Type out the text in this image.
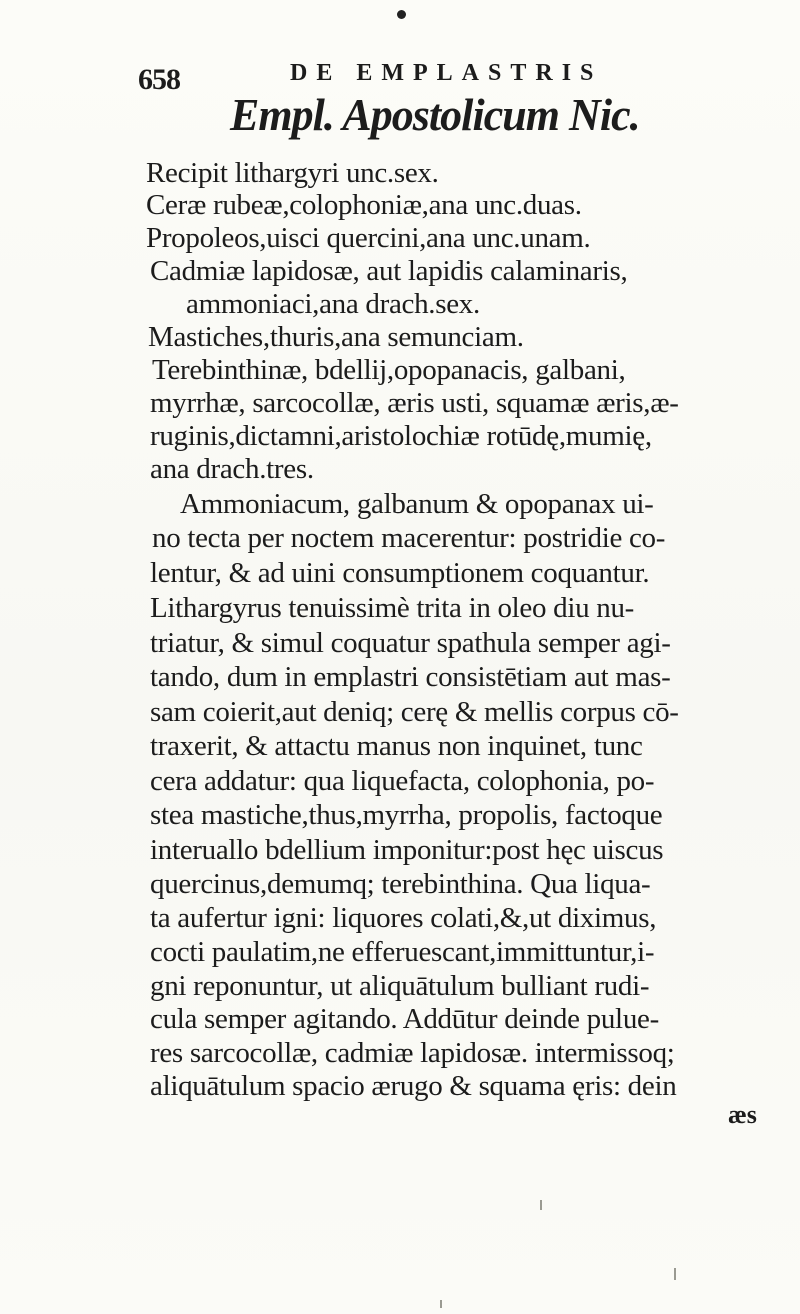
658	DE EMPLASTRIS
Empl. Apostolicum Nic.
Recipit lithargyri unc.sex.
Ceræ rubeæ,colophoniæ,ana unc.duas.
Propoleos,uisci quercini,ana unc.unam.
Cadmiæ lapidosæ, aut lapidis calaminaris,
ammoniaci,ana drach.sex.
Mastiches,thuris,ana semunciam.
Terebinthinæ, bdellij,opopanacis, galbani,
myrrhæ, sarcocollæ, æris usti, squamæ æris,æ-
ruginis,dictamni,aristolochiæ rotūdę,mumię,
ana drach.tres.
Ammoniacum, galbanum & opopanax ui-
no tecta per noctem macerentur: postridie co-
lentur, & ad uini consumptionem coquantur.
Lithargyrus tenuissimè trita in oleo diu nu-
triatur, & simul coquatur spathula semper agi-
tando, dum in emplastri consistētiam aut mas-
sam coierit,aut deniq; cerę & mellis corpus cō-
traxerit, & attactu manus non inquinet, tunc
cera addatur: qua liquefacta, colophonia, po-
stea mastiche,thus,myrrha, propolis, factoque
interuallo bdellium imponitur:post hęc uiscus
quercinus,demumq; terebinthina. Qua liqua-
ta aufertur igni: liquores colati,&,ut diximus,
cocti paulatim,ne efferuescant,immittuntur,i-
gni reponuntur, ut aliquātulum bulliant rudi-
cula semper agitando. Addūtur deinde pulue-
res sarcocollæ, cadmiæ lapidosæ. intermissoq;
aliquātulum spacio ærugo & squama ęris: dein
æs
